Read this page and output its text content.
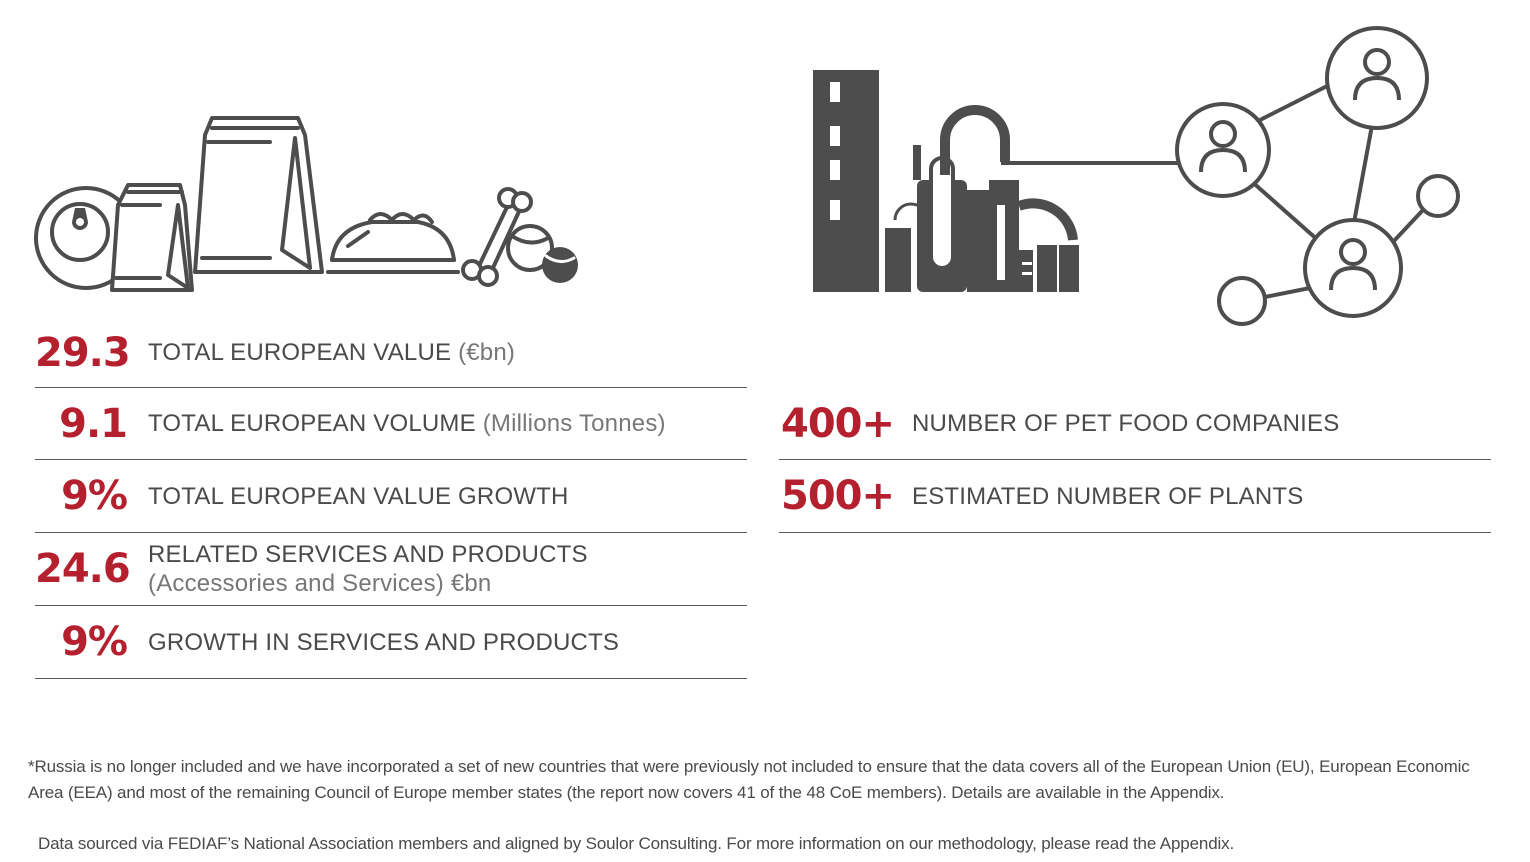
29.3 TOTAL EUROPEAN VALUE (€bn)
9.1 TOTAL EUROPEAN VOLUME (Millions Tonnes)
9% TOTAL EUROPEAN VALUE GROWTH
24.6 RELATED SERVICES AND PRODUCTS
(Accessories and Services) €bn
9% GROWTH IN SERVICES AND PRODUCTS
400+ NUMBER OF PET FOOD COMPANIES
500+ ESTIMATED NUMBER OF PLANTS

*Russia is no longer included and we have incorporated a set of new countries that were previously not included to ensure that the data covers all of the European Union (EU), European Economic Area (EEA) and most of the remaining Council of Europe member states (the report now covers 41 of the 48 CoE members). Details are available in the Appendix.

Data sourced via FEDIAF’s National Association members and aligned by Soulor Consulting. For more information on our methodology, please read the Appendix.
